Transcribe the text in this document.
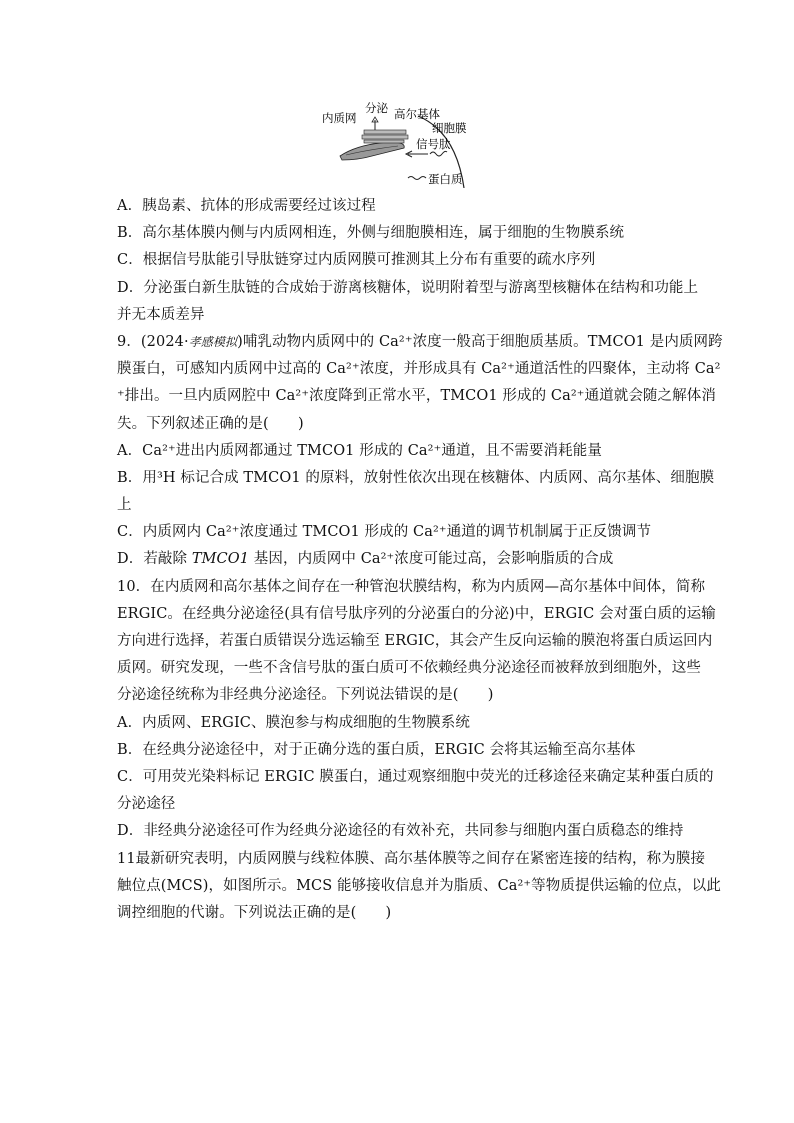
内质网
分泌 高尔基体
细胞膜
信号肽
蛋白质
A．胰岛素、抗体的形成需要经过该过程
B．高尔基体膜内侧与内质网相连，外侧与细胞膜相连，属于细胞的生物膜系统
C．根据信号肽能引导肽链穿过内质网膜可推测其上分布有重要的疏水序列
D．分泌蛋白新生肽链的合成始于游离核糖体，说明附着型与游离型核糖体在结构和功能上
并无本质差异
9．(2024·孝感模拟)哺乳动物内质网中的 Ca²⁺浓度一般高于细胞质基质。TMCO1 是内质网跨
膜蛋白，可感知内质网中过高的 Ca²⁺浓度，并形成具有 Ca²⁺通道活性的四聚体，主动将 Ca²
⁺排出。一旦内质网腔中 Ca²⁺浓度降到正常水平，TMCO1 形成的 Ca²⁺通道就会随之解体消
失。下列叙述正确的是(　　)
A．Ca²⁺进出内质网都通过 TMCO1 形成的 Ca²⁺通道，且不需要消耗能量
B．用³H 标记合成 TMCO1 的原料，放射性依次出现在核糖体、内质网、高尔基体、细胞膜
上
C．内质网内 Ca²⁺浓度通过 TMCO1 形成的 Ca²⁺通道的调节机制属于正反馈调节
D．若敲除 TMCO1 基因，内质网中 Ca²⁺浓度可能过高，会影响脂质的合成
10．在内质网和高尔基体之间存在一种管泡状膜结构，称为内质网—高尔基体中间体，简称
ERGIC。在经典分泌途径(具有信号肽序列的分泌蛋白的分泌)中，ERGIC 会对蛋白质的运输
方向进行选择，若蛋白质错误分选运输至 ERGIC，其会产生反向运输的膜泡将蛋白质运回内
质网。研究发现，一些不含信号肽的蛋白质可不依赖经典分泌途径而被释放到细胞外，这些
分泌途径统称为非经典分泌途径。下列说法错误的是(　　)
A．内质网、ERGIC、膜泡参与构成细胞的生物膜系统
B．在经典分泌途径中，对于正确分选的蛋白质，ERGIC 会将其运输至高尔基体
C．可用荧光染料标记 ERGIC 膜蛋白，通过观察细胞中荧光的迁移途径来确定某种蛋白质的
分泌途径
D．非经典分泌途径可作为经典分泌途径的有效补充，共同参与细胞内蛋白质稳态的维持
11最新研究表明，内质网膜与线粒体膜、高尔基体膜等之间存在紧密连接的结构，称为膜接
触位点(MCS)，如图所示。MCS 能够接收信息并为脂质、Ca²⁺等物质提供运输的位点，以此
调控细胞的代谢。下列说法正确的是(　　)
